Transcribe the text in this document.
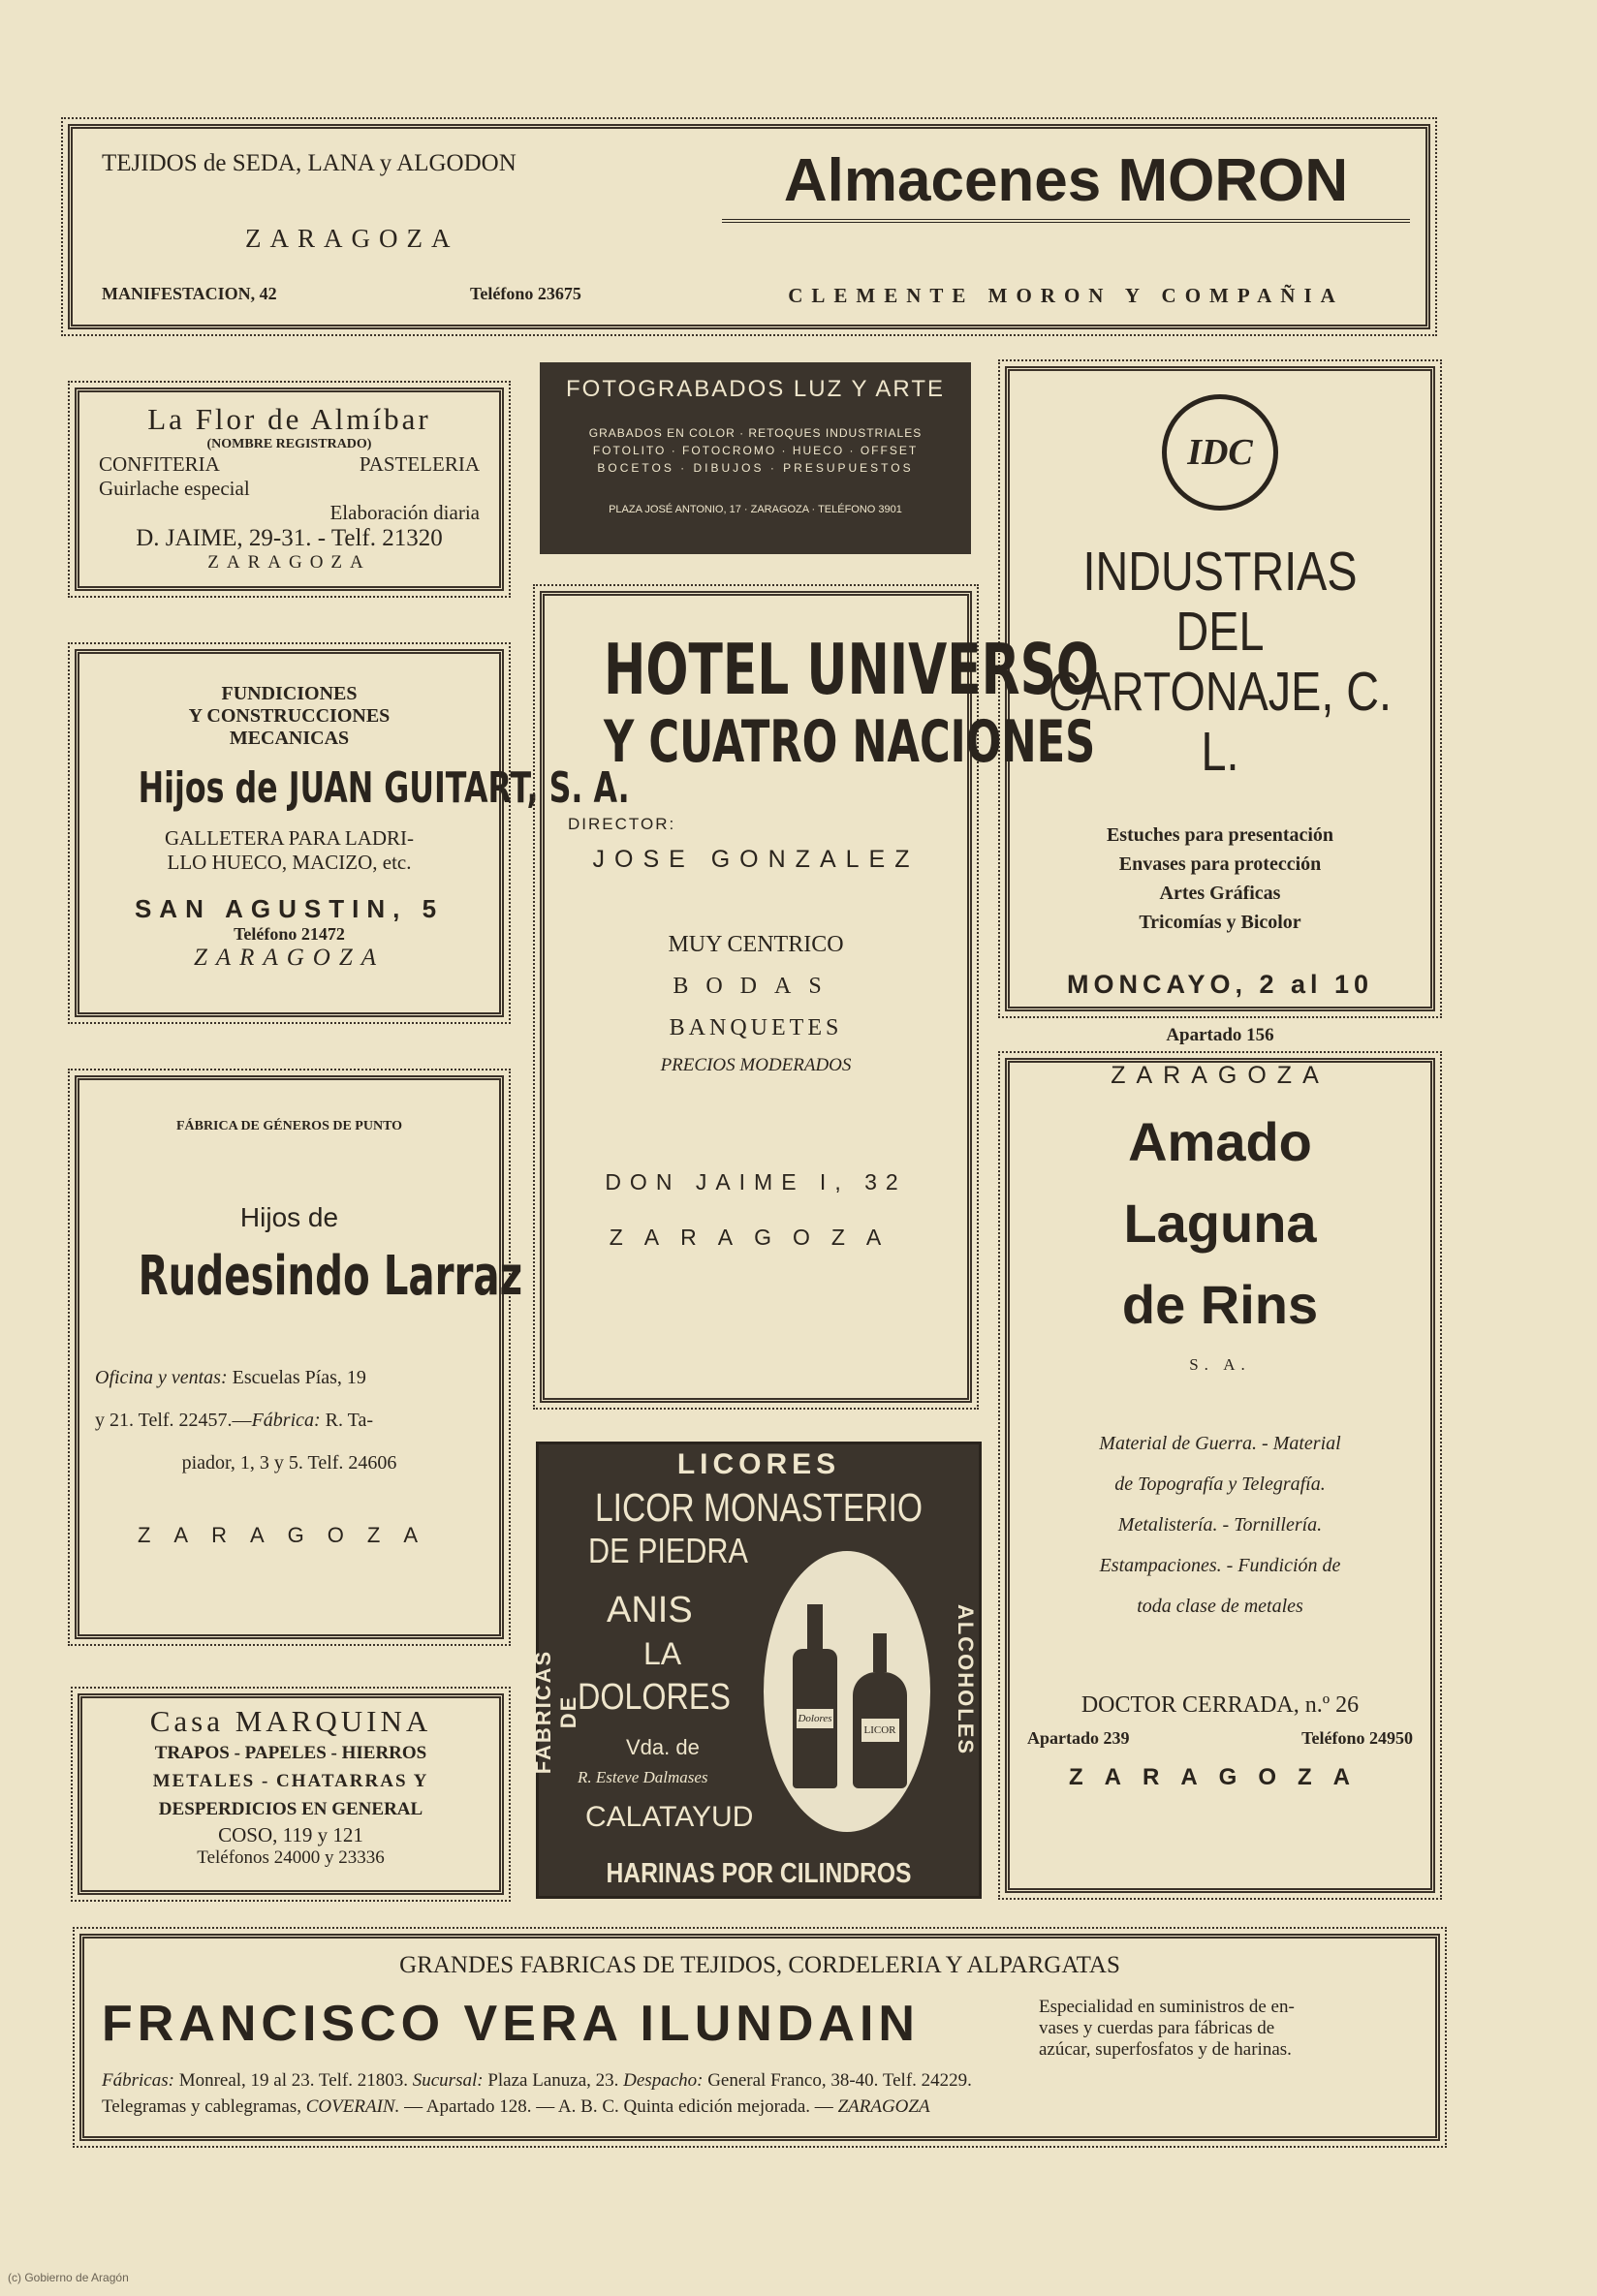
TEJIDOS de SEDA, LANA y ALGODON
ZARAGOZA
MANIFESTACION, 42	Teléfono 23675
Almacenes MORON
CLEMENTE MORON Y COMPAÑIA
La Flor de Almíbar
(NOMBRE REGISTRADO)
CONFITERIA	PASTELERIA
Guirlache especial
Elaboración diaria
D. JAIME, 29-31. - Telf. 21320
ZARAGOZA
FOTOGRABADOS LUZ Y ARTE
GRABADOS EN COLOR · RETOQUES INDUSTRIALES
FOTOLITO · FOTOCROMO · HUECO · OFFSET
BOCETOS · DIBUJOS · PRESUPUESTOS
PLAZA JOSÉ ANTONIO, 17 · ZARAGOZA · TELÉFONO 3901
IDC
INDUSTRIAS DEL
CARTONAJE, C. L.
Estuches para presentación
Envases para protección
Artes Gráficas
Tricomías y Bicolor
MONCAYO, 2 al 10
Apartado 156
ZARAGOZA
FUNDICIONES
Y CONSTRUCCIONES
MECANICAS
Hijos de JUAN GUITART, S. A.
GALLETERA PARA LADRI-
LLO HUECO, MACIZO, etc.
SAN AGUSTIN, 5
Teléfono 21472
ZARAGOZA
HOTEL UNIVERSO
Y CUATRO NACIONES
DIRECTOR:
JOSE GONZALEZ
MUY CENTRICO
BODAS
BANQUETES
PRECIOS MODERADOS
DON JAIME I, 32
ZARAGOZA
FÁBRICA DE GÉNEROS DE PUNTO
Hijos de
Rudesindo Larraz
Oficina y ventas: Escuelas Pías, 19
y 21. Telf. 22457.—Fábrica: R. Ta-
piador, 1, 3 y 5. Telf. 24606
ZARAGOZA
Amado
Laguna
de Rins
S. A.
Material de Guerra. - Material
de Topografía y Telegrafía.
Metalistería. - Tornillería.
Estampaciones. - Fundición de
toda clase de metales
DOCTOR CERRADA, n.º 26
Apartado 239	Teléfono 24950
ZARAGOZA
LICORES
LICOR MONASTERIO
DE PIEDRA
Dolores
LICOR
ANIS
LA
DOLORES
Vda. de
R. Esteve Dalmases
CALATAYUD
FABRICAS DE	ALCOHOLES
HARINAS POR CILINDROS
Casa MARQUINA
TRAPOS - PAPELES - HIERROS
METALES - CHATARRAS Y
DESPERDICIOS EN GENERAL
COSO, 119 y 121
Teléfonos 24000 y 23336
GRANDES FABRICAS DE TEJIDOS, CORDELERIA Y ALPARGATAS
FRANCISCO VERA ILUNDAIN	Especialidad en suministros de en-
vases y cuerdas para fábricas de
azúcar, superfosfatos y de harinas.
Fábricas: Monreal, 19 al 23. Telf. 21803. Sucursal: Plaza Lanuza, 23. Despacho: General Franco, 38-40. Telf. 24229.
Telegramas y cablegramas, COVERAIN. — Apartado 128. — A. B. C. Quinta edición mejorada. — ZARAGOZA
(c) Gobierno de Aragón
